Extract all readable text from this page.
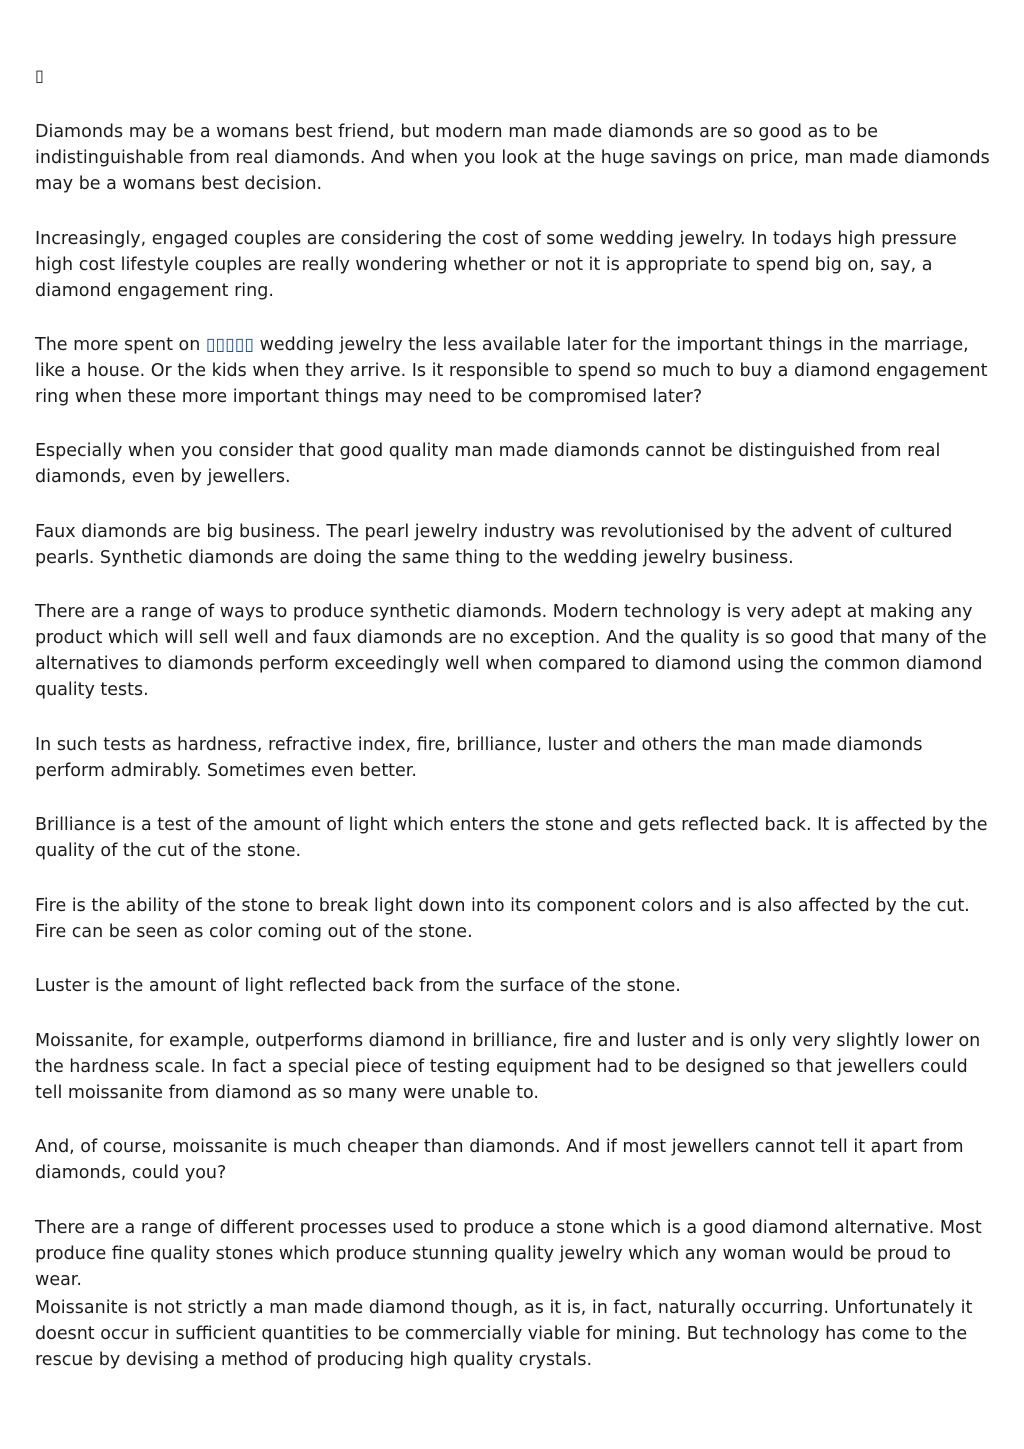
▯

Diamonds may be a womans best friend, but modern man made diamonds are so good as to be indistinguishable from real diamonds. And when you look at the huge savings on price, man made diamonds may be a womans best decision.

Increasingly, engaged couples are considering the cost of some wedding jewelry. In todays high pressure high cost lifestyle couples are really wondering whether or not it is appropriate to spend big on, say, a diamond engagement ring.

The more spent on ▯▯▯▯▯ wedding jewelry the less available later for the important things in the marriage, like a house. Or the kids when they arrive. Is it responsible to spend so much to buy a diamond engagement ring when these more important things may need to be compromised later?

Especially when you consider that good quality man made diamonds cannot be distinguished from real diamonds, even by jewellers.

Faux diamonds are big business. The pearl jewelry industry was revolutionised by the advent of cultured pearls. Synthetic diamonds are doing the same thing to the wedding jewelry business.

There are a range of ways to produce synthetic diamonds. Modern technology is very adept at making any product which will sell well and faux diamonds are no exception. And the quality is so good that many of the alternatives to diamonds perform exceedingly well when compared to diamond using the common diamond quality tests.

In such tests as hardness, refractive index, fire, brilliance, luster and others the man made diamonds perform admirably. Sometimes even better.

Brilliance is a test of the amount of light which enters the stone and gets reflected back. It is affected by the quality of the cut of the stone.

Fire is the ability of the stone to break light down into its component colors and is also affected by the cut. Fire can be seen as color coming out of the stone.

Luster is the amount of light reflected back from the surface of the stone.

Moissanite, for example, outperforms diamond in brilliance, fire and luster and is only very slightly lower on the hardness scale. In fact a special piece of testing equipment had to be designed so that jewellers could tell moissanite from diamond as so many were unable to.

And, of course, moissanite is much cheaper than diamonds. And if most jewellers cannot tell it apart from diamonds, could you?

There are a range of different processes used to produce a stone which is a good diamond alternative. Most produce fine quality stones which produce stunning quality jewelry which any woman would be proud to wear.

Moissanite is not strictly a man made diamond though, as it is, in fact, naturally occurring. Unfortunately it doesnt occur in sufficient quantities to be commercially viable for mining. But technology has come to the rescue by devising a method of producing high quality crystals.
